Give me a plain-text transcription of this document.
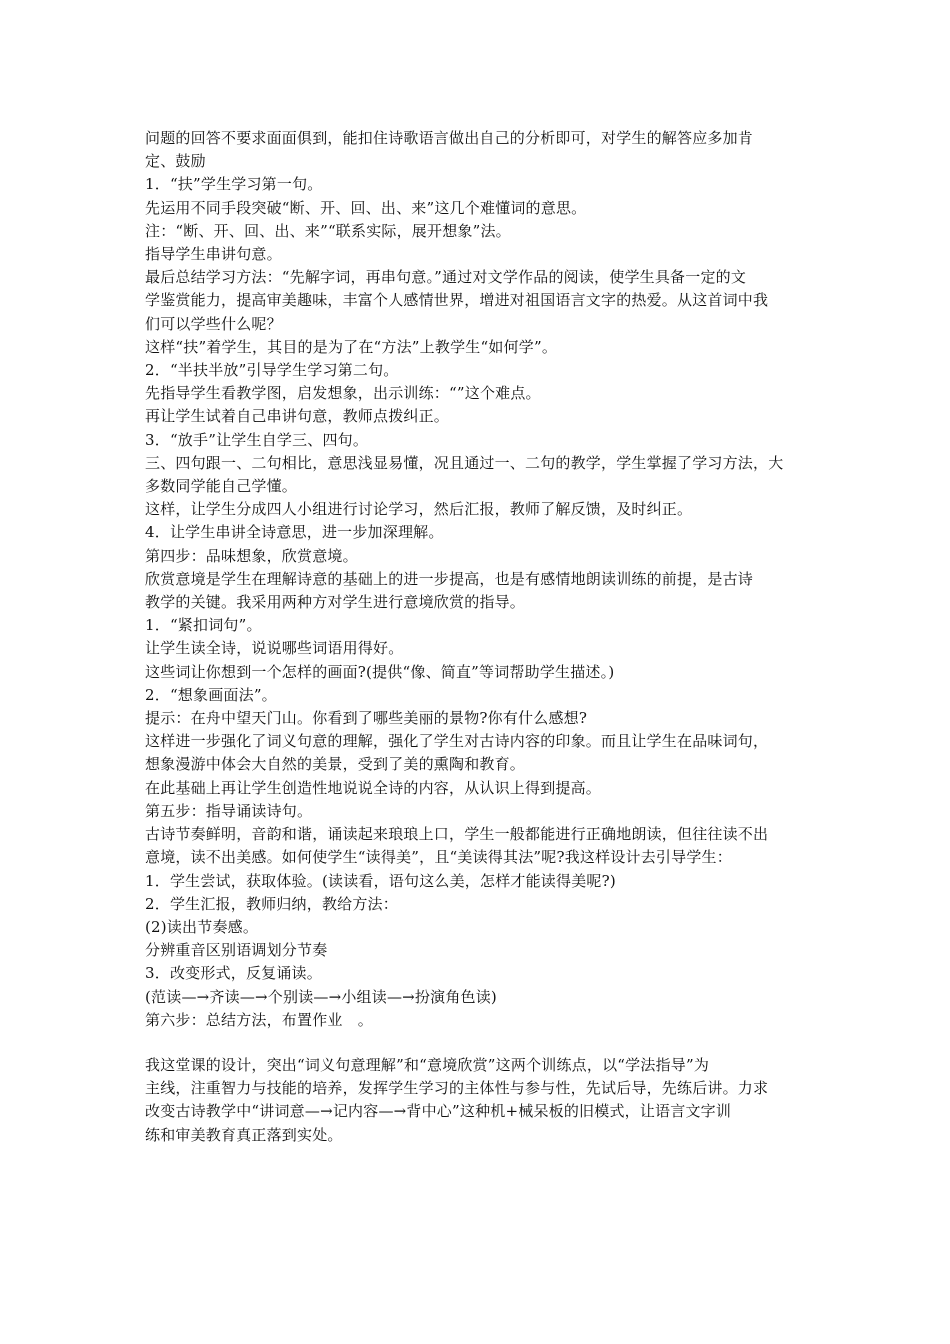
问题的回答不要求面面俱到，能扣住诗歌语言做出自己的分析即可，对学生的解答应多加肯
定、鼓励
1．“扶”学生学习第一句。
先运用不同手段突破“断、开、回、出、来”这几个难懂词的意思。
注：“断、开、回、出、来”“联系实际，展开想象”法。
指导学生串讲句意。
最后总结学习方法：“先解字词，再串句意。”通过对文学作品的阅读，使学生具备一定的文
学鉴赏能力，提高审美趣味，丰富个人感情世界，增进对祖国语言文字的热爱。从这首词中我
们可以学些什么呢？
这样“扶”着学生，其目的是为了在“方法”上教学生“如何学”。
2．“半扶半放”引导学生学习第二句。
先指导学生看教学图，启发想象，出示训练：“”这个难点。
再让学生试着自己串讲句意，教师点拨纠正。
3．“放手”让学生自学三、四句。
三、四句跟一、二句相比，意思浅显易懂，况且通过一、二句的教学，学生掌握了学习方法，大
多数同学能自己学懂。
这样，让学生分成四人小组进行讨论学习，然后汇报，教师了解反馈，及时纠正。
4．让学生串讲全诗意思，进一步加深理解。
第四步：品味想象，欣赏意境。
欣赏意境是学生在理解诗意的基础上的进一步提高，也是有感情地朗读训练的前提，是古诗
教学的关键。我采用两种方对学生进行意境欣赏的指导。
1．“紧扣词句”。
让学生读全诗，说说哪些词语用得好。
这些词让你想到一个怎样的画面?(提供“像、简直”等词帮助学生描述。)
2．“想象画面法”。
提示：在舟中望天门山。你看到了哪些美丽的景物?你有什么感想?
这样进一步强化了词义句意的理解，强化了学生对古诗内容的印象。而且让学生在品味词句，
想象漫游中体会大自然的美景，受到了美的熏陶和教育。
在此基础上再让学生创造性地说说全诗的内容，从认识上得到提高。
第五步：指导诵读诗句。
古诗节奏鲜明，音韵和谐，诵读起来琅琅上口，学生一般都能进行正确地朗读，但往往读不出
意境，读不出美感。如何使学生“读得美”，且“美读得其法”呢?我这样设计去引导学生：
1．学生尝试，获取体验。(读读看，语句这么美，怎样才能读得美呢?)
2．学生汇报，教师归纳，教给方法：
(2)读出节奏感。
分辨重音区别语调划分节奏
3．改变形式，反复诵读。
(范读—→齐读—→个别读—→小组读—→扮演角色读)
第六步：总结方法，布置作业　。
我这堂课的设计，突出“词义句意理解”和“意境欣赏”这两个训练点，以“学法指导”为
主线，注重智力与技能的培养，发挥学生学习的主体性与参与性，先试后导，先练后讲。力求
改变古诗教学中“讲词意—→记内容—→背中心”这种机+械呆板的旧模式，让语言文字训
练和审美教育真正落到实处。
